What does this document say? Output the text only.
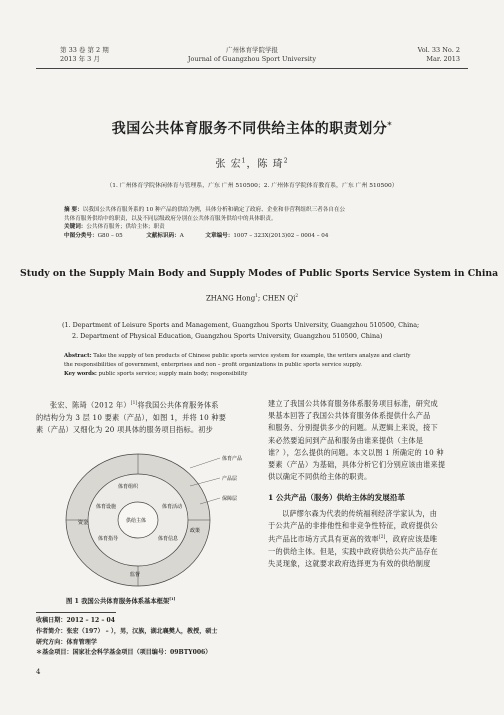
第 33 卷 第 2 期
2013 年 3 月
广州体育学院学报
Journal of Guangzhou Sport University
Vol. 33 No. 2
Mar. 2013
我国公共体育服务不同供给主体的职责划分*
张 宏$^1$，陈 琦$^2$
（1. 广州体育学院休闲体育与管理系，广东 广州 510500；2. 广州体育学院体育教育系，广东 广州 510500）
摘 要：以我国公共体育服务系的 10 种产品的供给为例，具体分析和确定了政府、企业和非营利组织三者各自在公
共体育服务供给中的职责，以及不同层级政府分别在公共体育服务供给中的具体职责。
关键词：公共体育服务；供给主体；职责
中图分类号：G80 – 05	文献标识码：A	文章编号：1007 – 323X(2013)02 – 0004 – 04
Study on the Supply Main Body and Supply Modes of Public Sports Service System in China
ZHANG Hong$^1$; CHEN Qi$^2$
(1. Department of Leisure Sports and Management, Guangzhou Sports University, Guangzhou 510500, China;
2. Department of Physical Education, Guangzhou Sports University, Guangzhou 510500, China)
Abstract: Take the supply of ten products of Chinese public sports service system for example, the writers analyze and clarify
the responsibilities of government, enterprises and non – profit organizations in public sports service supply.
Key words: public sports service; supply main body; responsibility
张宏、陈琦（2012 年）[1]将我国公共体育服务体系
的结构分为 3 层 10 要素（产品），如图 1，并将 10 种要
素（产品）又细化为 20 项具体的服务项目指标。初步
体育产品
产品层
保障层
供给主体
体育组织
体育设施	体育活动
体育指导	体育信息
资金
政策
监督
图 1 我国公共体育服务体系基本框架[1]
收稿日期：2012 – 12 – 04
作者简介：张宏（197） – ），男，汉族，湖北襄樊人，教授，硕士
研究方向：体育管理学
＊基金项目：国家社会科学基金项目（项目编号：09BTY006）
4
建立了我国公共体育服务体系服务项目标准，研究成
果基本回答了我国公共体育服务体系提供什么产品
和服务、分别提供多少的问题。从逻辑上来说，接下
来必然要追问到产品和服务由谁来提供（主体是
谁？），怎么提供的问题。本文以图 1 所确定的 10 种
要素（产品）为基础，具体分析它们分别应该由谁来提
供以确定不同供给主体的职责。
1 公共产品（服务）供给主体的发展沿革
以萨缪尔森为代表的传统福利经济学家认为，由
于公共产品的非排他性和非竞争性特征，政府提供公
共产品比市场方式具有更高的效率[2]，政府应该是唯
一的供给主体。但是，实践中政府供给公共产品存在
失灵现象，这就要求政府选择更为有效的供给制度
